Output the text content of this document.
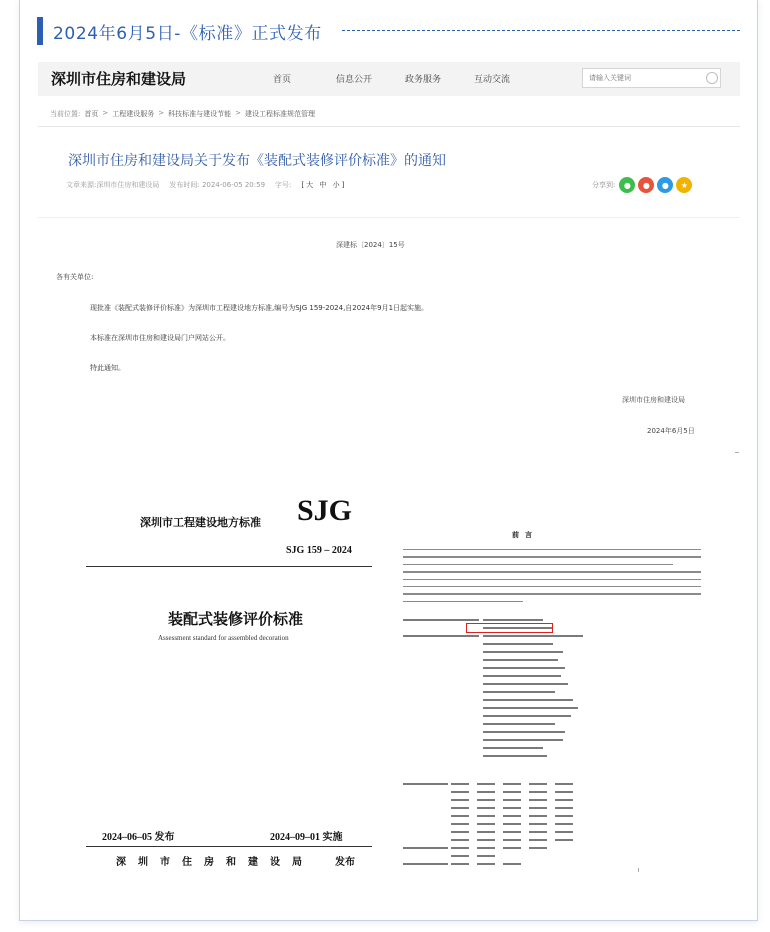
2024年6月5日-《标准》正式发布
深圳市住房和建设局	首页	信息公开	政务服务	互动交流
请输入关键词
当前位置: 首页 > 工程建设服务 > 科技标准与建设节能 > 建设工程标准规范管理
深圳市住房和建设局关于发布《装配式装修评价标准》的通知
文章来源:深圳市住房和建设局 发布时间: 2024-06-05 20:59 字号: [大 中 小]	分享到:	●	●	●	★
深建标〔2024〕15号
各有关单位:
现批准《装配式装修评价标准》为深圳市工程建设地方标准,编号为SJG 159-2024,自2024年9月1日起实施。
本标准在深圳市住房和建设局门户网站公开。
特此通知。
深圳市住房和建设局
2024年6月5日
深圳市工程建设地方标准 SJG
SJG 159 – 2024
装配式装修评价标准
Assessment standard for assembled decoration
2024–06–05 发布	2024–09–01 实施
深圳市住房和建设局 发布
前言
I
